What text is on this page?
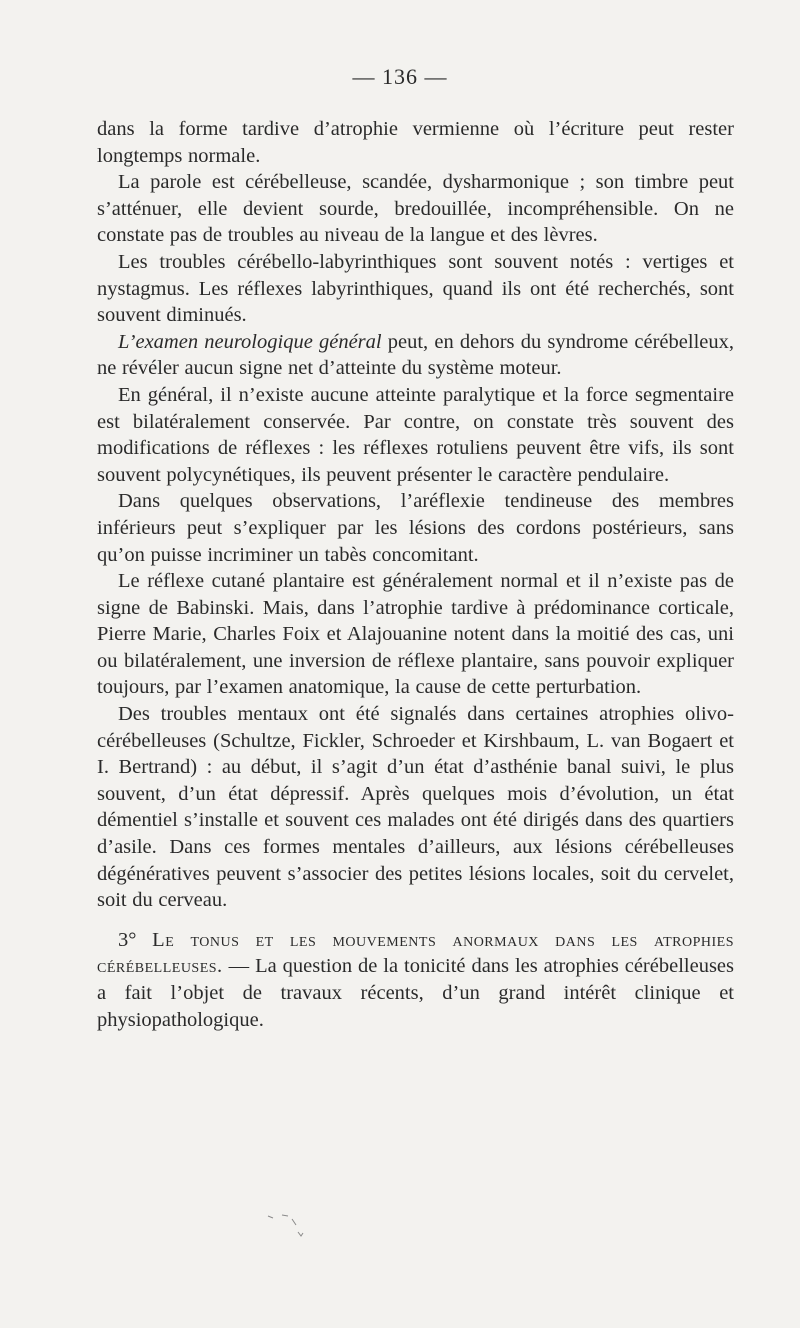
— 136 —

dans la forme tardive d’atrophie vermienne où l’écriture peut rester longtemps normale.

La parole est cérébelleuse, scandée, dysharmonique ; son timbre peut s’atténuer, elle devient sourde, bredouillée, incompréhensible. On ne constate pas de troubles au niveau de la langue et des lèvres.

Les troubles cérébello-labyrinthiques sont souvent notés : vertiges et nystagmus. Les réflexes labyrinthiques, quand ils ont été recherchés, sont souvent diminués.

L’examen neurologique général peut, en dehors du syndrome cérébelleux, ne révéler aucun signe net d’atteinte du système moteur.

En général, il n’existe aucune atteinte paralytique et la force segmentaire est bilatéralement conservée. Par contre, on constate très souvent des modifications de réflexes : les réflexes rotuliens peuvent être vifs, ils sont souvent polycynétiques, ils peuvent présenter le caractère pendulaire.

Dans quelques observations, l’aréflexie tendineuse des membres inférieurs peut s’expliquer par les lésions des cordons postérieurs, sans qu’on puisse incriminer un tabès concomitant.

Le réflexe cutané plantaire est généralement normal et il n’existe pas de signe de Babinski. Mais, dans l’atrophie tardive à prédominance corticale, Pierre Marie, Charles Foix et Alajouanine notent dans la moitié des cas, uni ou bilatéralement, une inversion de réflexe plantaire, sans pouvoir expliquer toujours, par l’examen anatomique, la cause de cette perturbation.

Des troubles mentaux ont été signalés dans certaines atrophies olivo-cérébelleuses (Schultze, Fickler, Schroeder et Kirshbaum, L. van Bogaert et I. Bertrand) : au début, il s’agit d’un état d’asthénie banal suivi, le plus souvent, d’un état dépressif. Après quelques mois d’évolution, un état démentiel s’installe et souvent ces malades ont été dirigés dans des quartiers d’asile. Dans ces formes mentales d’ailleurs, aux lésions cérébelleuses dégénératives peuvent s’associer des petites lésions locales, soit du cervelet, soit du cerveau.

3° Le tonus et les mouvements anormaux dans les atrophies cérébelleuses. — La question de la tonicité dans les atrophies cérébelleuses a fait l’objet de travaux récents, d’un grand intérêt clinique et physiopathologique.
